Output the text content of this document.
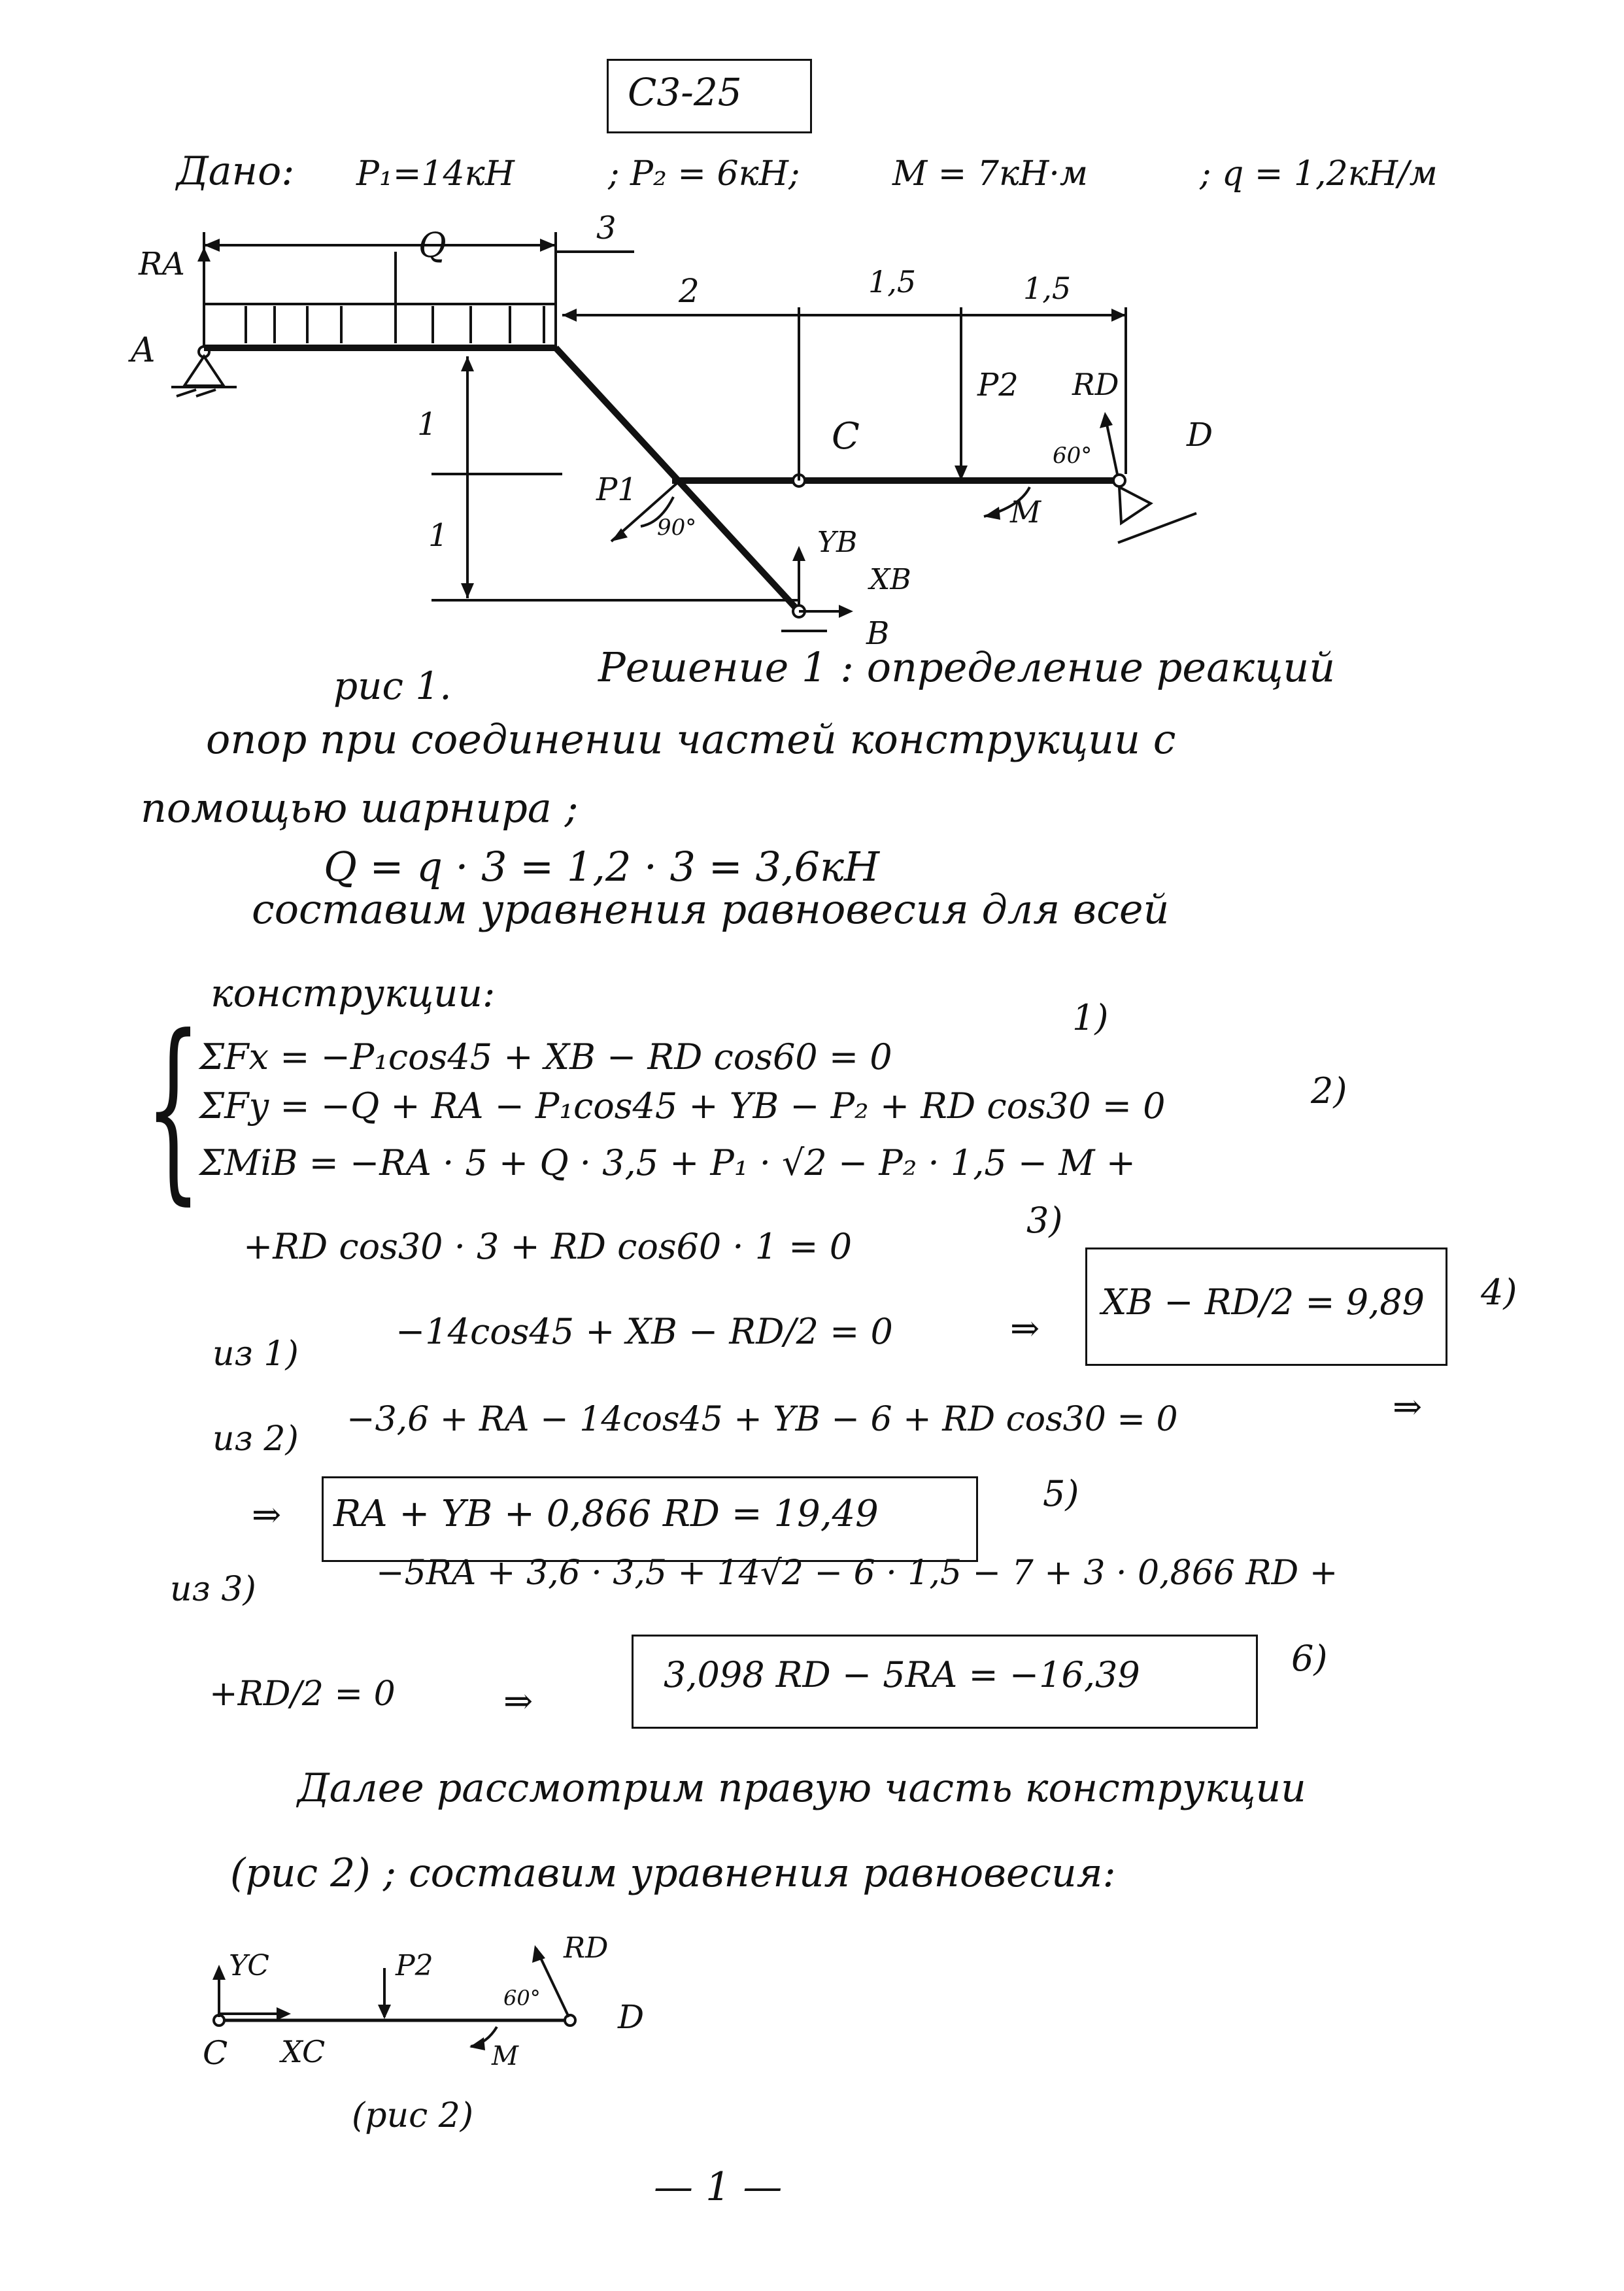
С3-25
Дано: P₁=14кН	; P₂ = 6кН;	M = 7кН·м	; q = 1,2кН/м
RA
A
Q	3
2	1,5	1,5
1
1
P2 RD
D
C
P1
90°
60°
M
YB
XB
B
рис 1.	Решение 1 : определение реакций
опор при соединении частей конструкции с
помощью шарнира ;
Q = q · 3 = 1,2 · 3 = 3,6кН
составим уравнения равновесия для всей
конструкции:
{
ΣFx = −P₁cos45 + XB − RD cos60 = 0
1)
ΣFy = −Q + RA − P₁cos45 + YB − P₂ + RD cos30 = 0	2)
ΣMiB = −RA · 5 + Q · 3,5 + P₁ · √2 − P₂ · 1,5 − M +
+RD cos30 · 3 + RD cos60 · 1 = 0
3)
из 1)
−14cos45 + XB − RD/2 = 0	⇒
XB − RD/2 = 9,89 4)
из 2) −3,6 + RA − 14cos45 + YB − 6 + RD cos30 = 0	⇒
⇒ RA + YB + 0,866 RD = 19,49	5)
из 3)	−5RA + 3,6 · 3,5 + 14√2 − 6 · 1,5 − 7 + 3 · 0,866 RD +
+RD/2 = 0	⇒
3,098 RD − 5RA = −16,39	6)
Далее рассмотрим правую часть конструкции
(рис 2) ; составим уравнения равновесия:
YC	P2
RD
60°
C XC	M
D
(рис 2)
— 1 —
